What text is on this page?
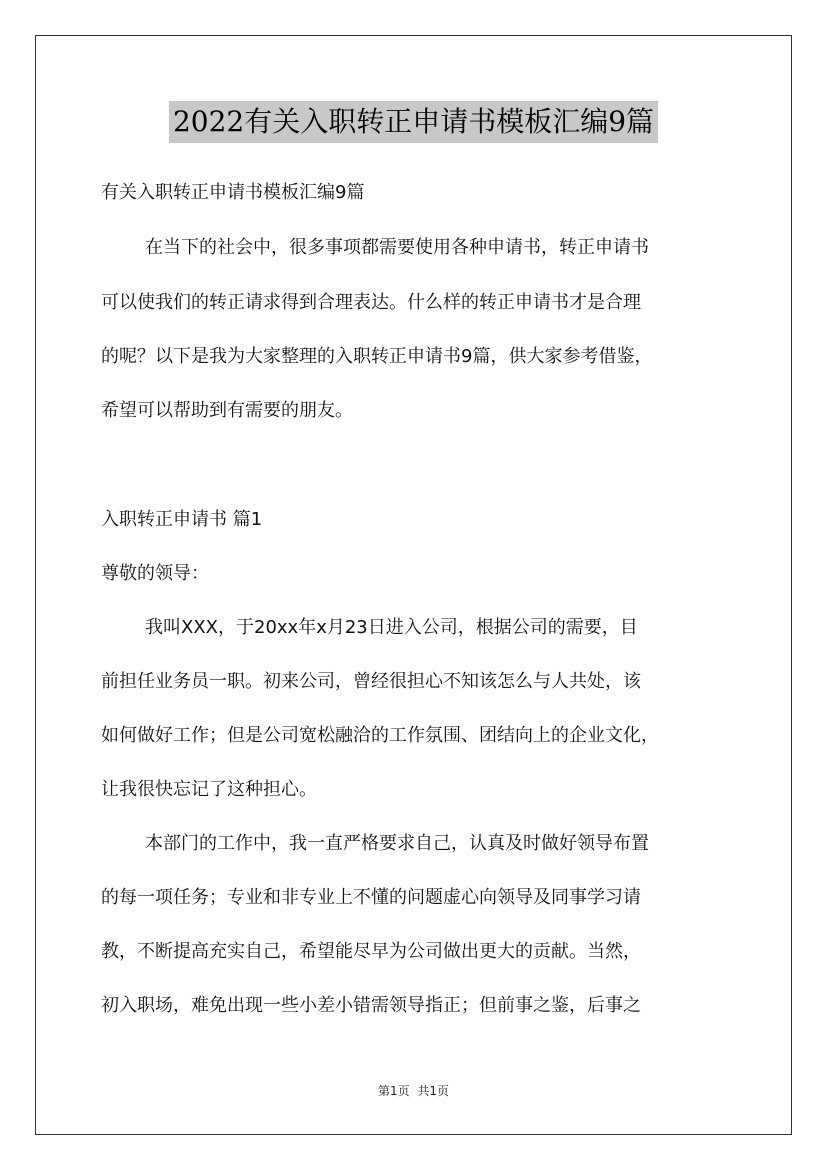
2022有关入职转正申请书模板汇编9篇
有关入职转正申请书模板汇编9篇
在当下的社会中，很多事项都需要使用各种申请书，转正申请书
可以使我们的转正请求得到合理表达。什么样的转正申请书才是合理
的呢？以下是我为大家整理的入职转正申请书9篇，供大家参考借鉴，
希望可以帮助到有需要的朋友。
入职转正申请书 篇1
尊敬的领导：
我叫XXX，于20xx年x月23日进入公司，根据公司的需要，目
前担任业务员一职。初来公司，曾经很担心不知该怎么与人共处，该
如何做好工作；但是公司宽松融洽的工作氛围、团结向上的企业文化，
让我很快忘记了这种担心。
本部门的工作中，我一直严格要求自己，认真及时做好领导布置
的每一项任务；专业和非专业上不懂的问题虚心向领导及同事学习请
教，不断提高充实自己，希望能尽早为公司做出更大的贡献。当然，
初入职场，难免出现一些小差小错需领导指正；但前事之鉴，后事之
第1页 共1页
